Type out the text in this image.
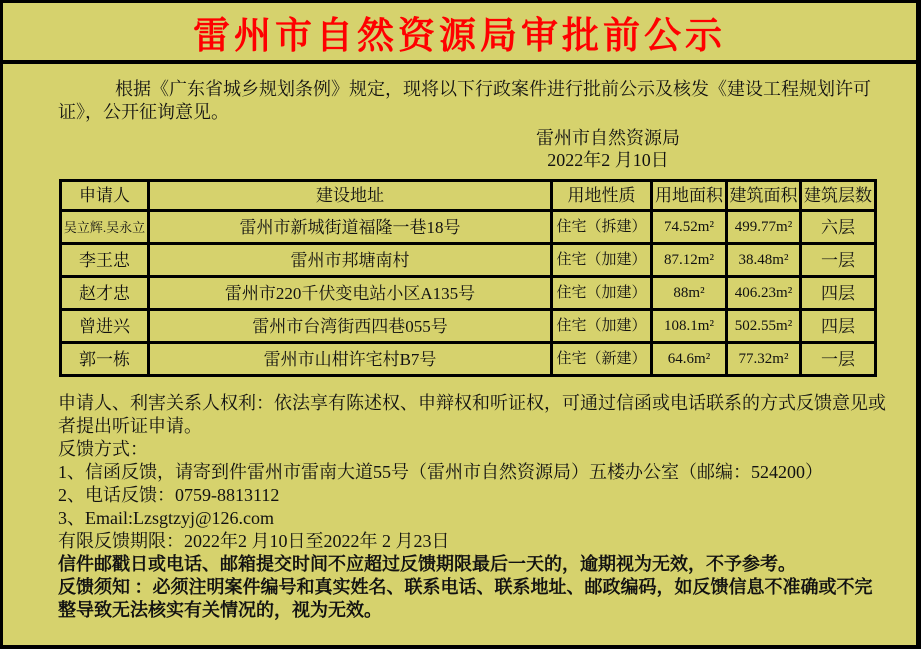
雷州市自然资源局审批前公示

根据《广东省城乡规划条例》规定，现将以下行政案件进行批前公示及核发《建设工程规划许可证》，公开征询意见。

雷州市自然资源局
2022年2 月10日
申请人	建设地址	用地性质	用地面积	建筑面积	建筑层数
吴立辉.吴永立	雷州市新城街道福隆一巷18号	住宅（拆建）	74.52m²	499.77m²	六层
李王忠	雷州市邦塘南村	住宅（加建）	87.12m²	38.48m²	一层
赵才忠	雷州市220千伏变电站小区A135号	住宅（加建）	88m²	406.23m²	四层
曾进兴	雷州市台湾街西四巷055号	住宅（加建）	108.1m²	502.55m²	四层
郭一栋	雷州市山柑许宅村B7号	住宅（新建）	64.6m²	77.32m²	一层

申请人、利害关系人权利：依法享有陈述权、申辩权和听证权，可通过信函或电话联系的方式反馈意见或者提出听证申请。

反馈方式：

1、信函反馈，请寄到件雷州市雷南大道55号（雷州市自然资源局）五楼办公室（邮编：524200）

2、电话反馈：0759-8813112

3、Email:Lzsgtzyj@126.com

有限反馈期限：2022年2 月10日至2022年 2 月23日

信件邮戳日或电话、邮箱提交时间不应超过反馈期限最后一天的，逾期视为无效，不予参考。

反馈须知 ：必须注明案件编号和真实姓名、联系电话、联系地址、邮政编码，如反馈信息不准确或不完整导致无法核实有关情况的，视为无效。
